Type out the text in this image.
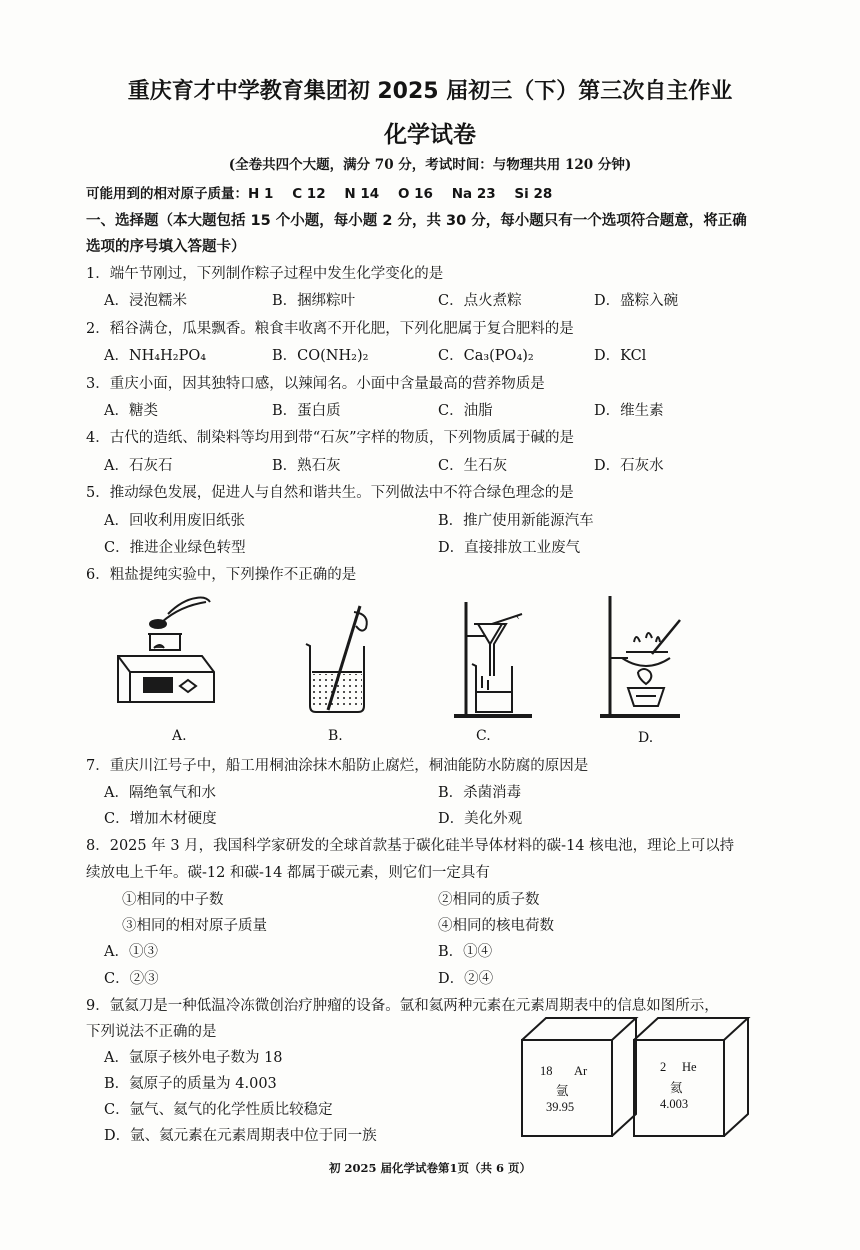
重庆育才中学教育集团初 2025 届初三（下）第三次自主作业
化学试卷
(全卷共四个大题，满分 70 分，考试时间：与物理共用 120 分钟)
可能用到的相对原子质量：H 1    C 12    N 14    O 16    Na 23    Si 28
一、选择题（本大题包括 15 个小题，每小题 2 分，共 30 分，每小题只有一个选项符合题意，将正确
选项的序号填入答题卡）
1．端午节刚过，下列制作粽子过程中发生化学变化的是
A．浸泡糯米	B．捆绑粽叶	C．点火煮粽	D．盛粽入碗
2．稻谷满仓，瓜果飘香。粮食丰收离不开化肥，下列化肥属于复合肥料的是
A．NH₄H₂PO₄	B．CO(NH₂)₂	C．Ca₃(PO₄)₂	D．KCl
3．重庆小面，因其独特口感，以辣闻名。小面中含量最高的营养物质是
A．糖类	B．蛋白质	C．油脂	D．维生素
4．古代的造纸、制染料等均用到带“石灰”字样的物质，下列物质属于碱的是
A．石灰石	B．熟石灰	C．生石灰	D．石灰水
5．推动绿色发展，促进人与自然和谐共生。下列做法中不符合绿色理念的是
A．回收利用废旧纸张	B．推广使用新能源汽车
C．推进企业绿色转型	D．直接排放工业废气
6．粗盐提纯实验中，下列操作不正确的是
A.	B.
‹
C.	D.
7．重庆川江号子中，船工用桐油涂抹木船防止腐烂，桐油能防水防腐的原因是
A．隔绝氧气和水	B．杀菌消毒
C．增加木材硬度	D．美化外观
8．2025 年 3 月，我国科学家研发的全球首款基于碳化硅半导体材料的碳-14 核电池，理论上可以持
续放电上千年。碳-12 和碳-14 都属于碳元素，则它们一定具有
①相同的中子数	②相同的质子数
③相同的相对原子质量	④相同的核电荷数
A．①③	B．①④
C．②③	D．②④
9．氩氦刀是一种低温冷冻微创治疗肿瘤的设备。氩和氦两种元素在元素周期表中的信息如图所示，
下列说法不正确的是
A．氩原子核外电子数为 18
B．氦原子的质量为 4.003
C．氩气、氦气的化学性质比较稳定
D．氩、氦元素在元素周期表中位于同一族
18 Ar
氩
39.95
2 He
氦
4.003
初 2025 届化学试卷第1页（共 6 页）
